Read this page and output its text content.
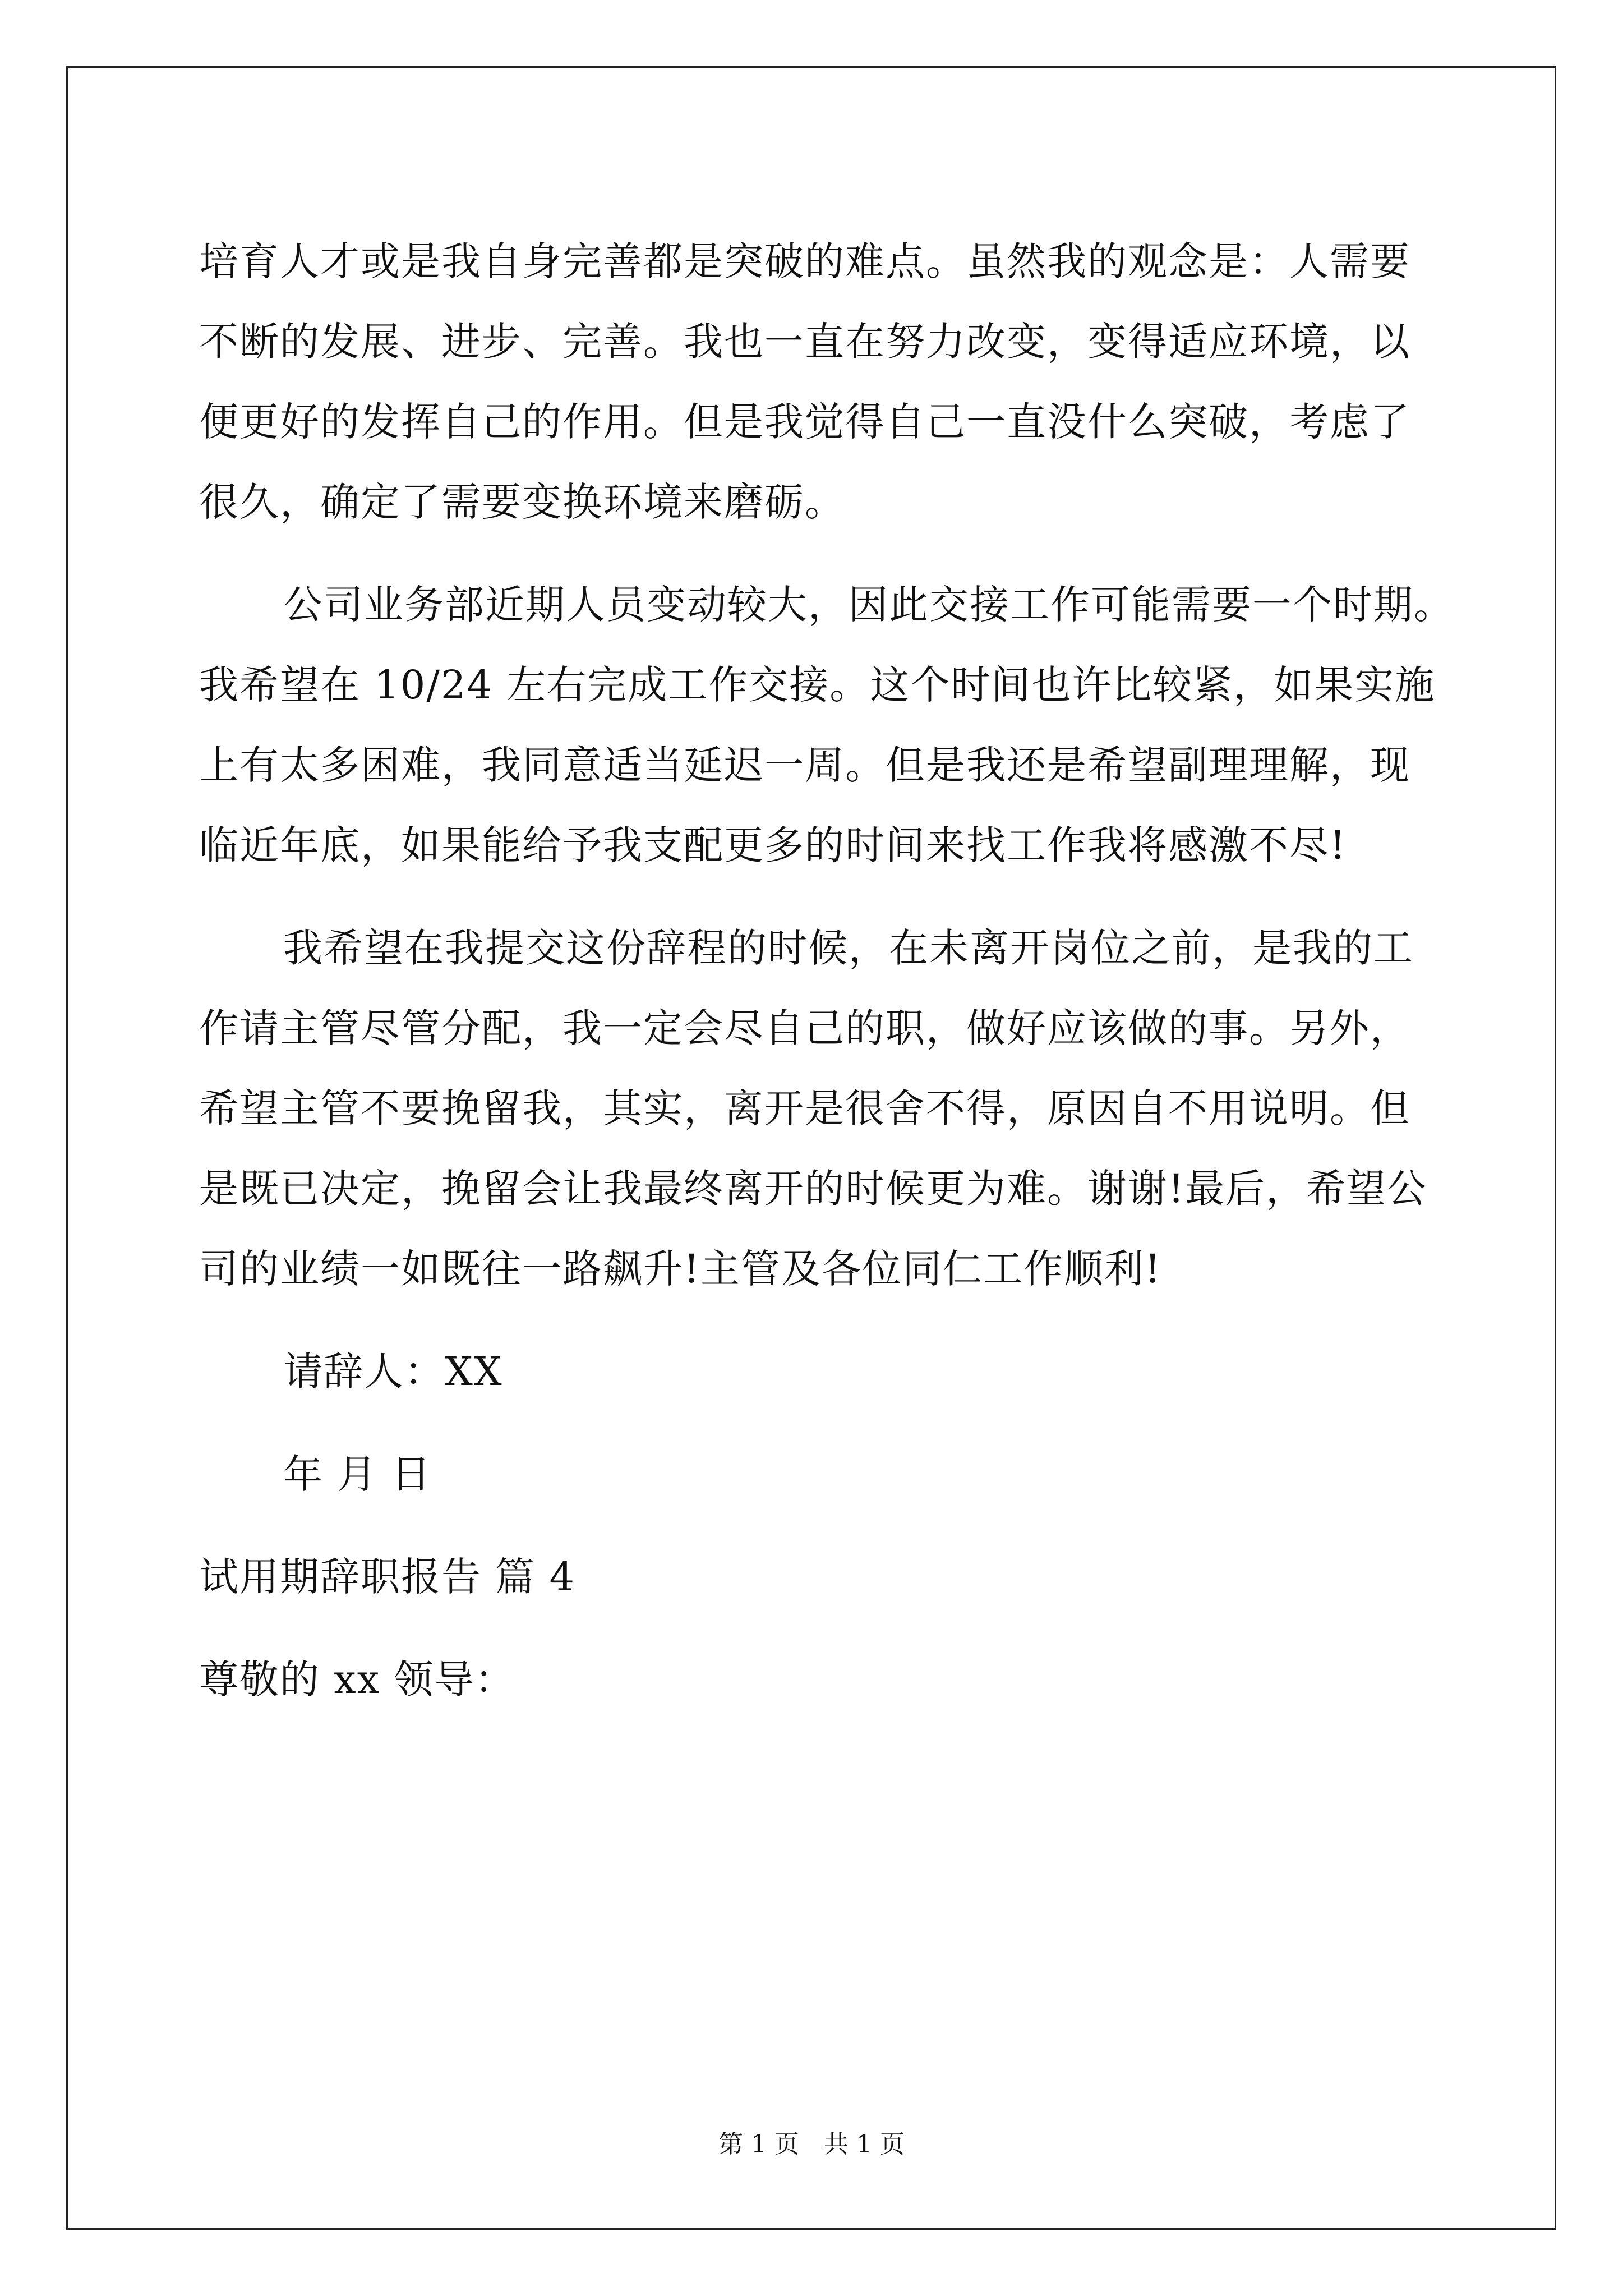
培育人才或是我自身完善都是突破的难点。虽然我的观念是：人需要
不断的发展、进步、完善。我也一直在努力改变，变得适应环境，以
便更好的发挥自己的作用。但是我觉得自己一直没什么突破，考虑了
很久，确定了需要变换环境来磨砺。
公司业务部近期人员变动较大，因此交接工作可能需要一个时期。
我希望在 10/24 左右完成工作交接。这个时间也许比较紧，如果实施
上有太多困难，我同意适当延迟一周。但是我还是希望副理理解，现
临近年底，如果能给予我支配更多的时间来找工作我将感激不尽!
我希望在我提交这份辞程的时候，在未离开岗位之前，是我的工
作请主管尽管分配，我一定会尽自己的职，做好应该做的事。另外，
希望主管不要挽留我，其实，离开是很舍不得，原因自不用说明。但
是既已决定，挽留会让我最终离开的时候更为难。谢谢!最后，希望公
司的业绩一如既往一路飙升!主管及各位同仁工作顺利!
请辞人：XX
年 月 日
试用期辞职报告 篇 4
尊敬的 xx 领导：
第 1 页　共 1 页
